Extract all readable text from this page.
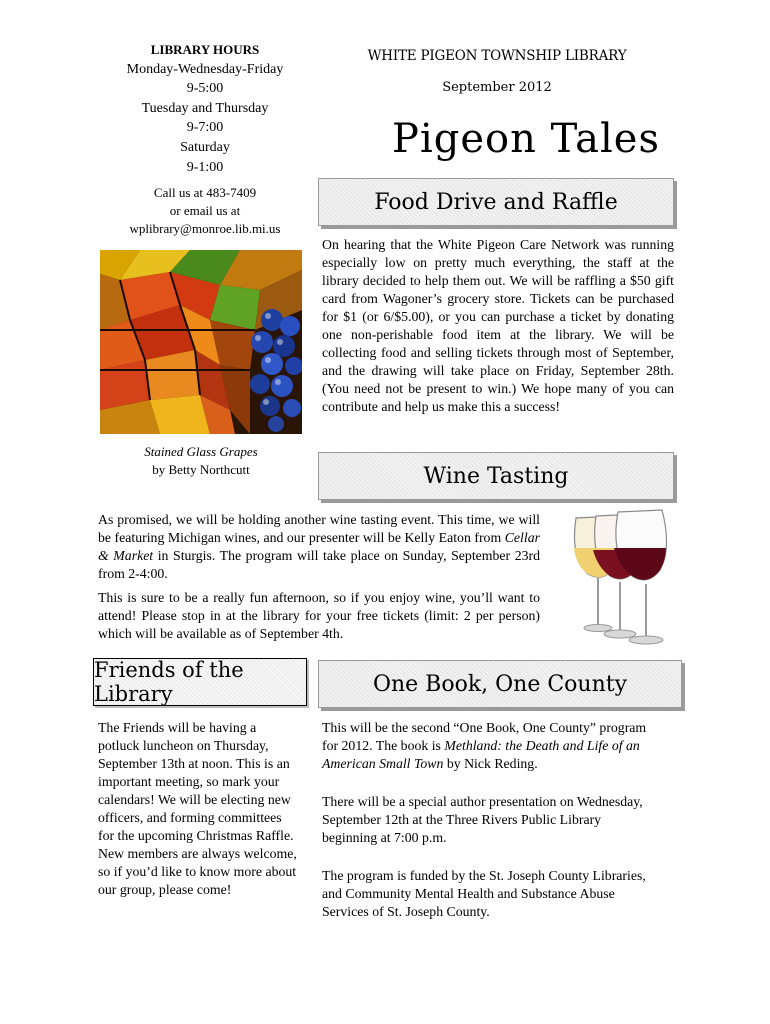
LIBRARY HOURS
Monday-Wednesday-Friday
9-5:00
Tuesday and Thursday
9-7:00
Saturday
9-1:00
Call us at 483-7409
or email us at
wplibrary@monroe.lib.mi.us
WHITE PIGEON TOWNSHIP LIBRARY
September 2012
Pigeon Tales
Food Drive and Raffle

On hearing that the White Pigeon Care Network was running especially low on pretty much everything, the staff at the library decided to help them out. We will be raffling a $50 gift card from Wagoner’s grocery store. Tickets can be purchased for $1 (or 6/$5.00), or you can purchase a ticket by donating one non-perishable food item at the library. We will be collecting food and selling tickets through most of September, and the drawing will take place on Friday, September 28th. (You need not be present to win.) We hope many of you can contribute and help us make this a success!

Stained Glass Grapes
by Betty Northcutt	Wine Tasting

As promised, we will be holding another wine tasting event. This time, we will be featuring Michigan wines, and our presenter will be Kelly Eaton from Cellar & Market in Sturgis. The program will take place on Sunday, September 23rd from 2-4:00.

This is sure to be a really fun afternoon, so if you enjoy wine, you’ll want to attend! Please stop in at the library for your free tickets (limit: 2 per person) which will be available as of September 4th.

Friends of the Library

The Friends will be having a potluck luncheon on Thursday, September 13th at noon. This is an important meeting, so mark your calendars! We will be electing new officers, and forming committees for the upcoming Christmas Raffle. New members are always welcome, so if you’d like to know more about our group, please come!

One Book, One County

This will be the second “One Book, One County” program for 2012. The book is Methland: the Death and Life of an American Small Town by Nick Reding.

There will be a special author presentation on Wednesday, September 12th at the Three Rivers Public Library beginning at 7:00 p.m.

The program is funded by the St. Joseph County Libraries, and Community Mental Health and Substance Abuse Services of St. Joseph County.
